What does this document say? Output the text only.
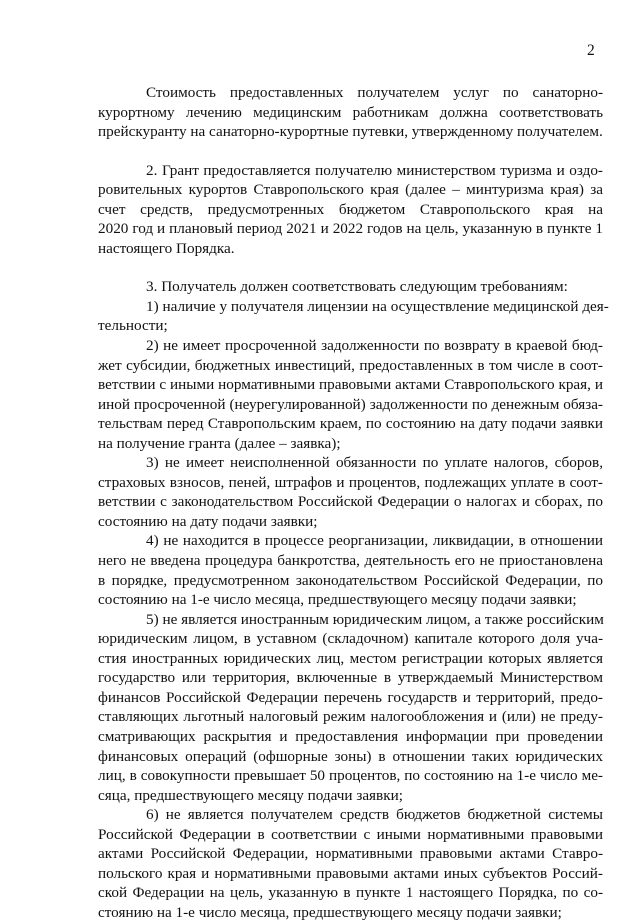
2
Стоимость предоставленных получателем услуг по санаторно-
курортному лечению медицинским работникам должна соответствовать
прейскуранту на санаторно-курортные путевки, утвержденному получателем.
2. Грант предоставляется получателю министерством туризма и оздо-
ровительных курортов Ставропольского края (далее – минтуризма края) за
счет средств, предусмотренных бюджетом Ставропольского края на
2020 год и плановый период 2021 и 2022 годов на цель, указанную в пункте 1
настоящего Порядка.
3. Получатель должен соответствовать следующим требованиям:
1) наличие у получателя лицензии на осуществление медицинской дея-
тельности;
2) не имеет просроченной задолженности по возврату в краевой бюд-
жет субсидии, бюджетных инвестиций, предоставленных в том числе в соот-
ветствии с иными нормативными правовыми актами Ставропольского края, и
иной просроченной (неурегулированной) задолженности по денежным обяза-
тельствам перед Ставропольским краем, по состоянию на дату подачи заявки
на получение гранта (далее – заявка);
3) не имеет неисполненной обязанности по уплате налогов, сборов,
страховых взносов, пеней, штрафов и процентов, подлежащих уплате в соот-
ветствии с законодательством Российской Федерации о налогах и сборах, по
состоянию на дату подачи заявки;
4) не находится в процессе реорганизации, ликвидации, в отношении
него не введена процедура банкротства, деятельность его не приостановлена
в порядке, предусмотренном законодательством Российской Федерации, по
состоянию на 1-е число месяца, предшествующего месяцу подачи заявки;
5) не является иностранным юридическим лицом, а также российским
юридическим лицом, в уставном (складочном) капитале которого доля уча-
стия иностранных юридических лиц, местом регистрации которых является
государство или территория, включенные в утверждаемый Министерством
финансов Российской Федерации перечень государств и территорий, предо-
ставляющих льготный налоговый режим налогообложения и (или) не преду-
сматривающих раскрытия и предоставления информации при проведении
финансовых операций (офшорные зоны) в отношении таких юридических
лиц, в совокупности превышает 50 процентов, по состоянию на 1-е число ме-
сяца, предшествующего месяцу подачи заявки;
6) не является получателем средств бюджетов бюджетной системы
Российской Федерации в соответствии с иными нормативными правовыми
актами Российской Федерации, нормативными правовыми актами Ставро-
польского края и нормативными правовыми актами иных субъектов Россий-
ской Федерации на цель, указанную в пункте 1 настоящего Порядка, по со-
стоянию на 1-е число месяца, предшествующего месяцу подачи заявки;
